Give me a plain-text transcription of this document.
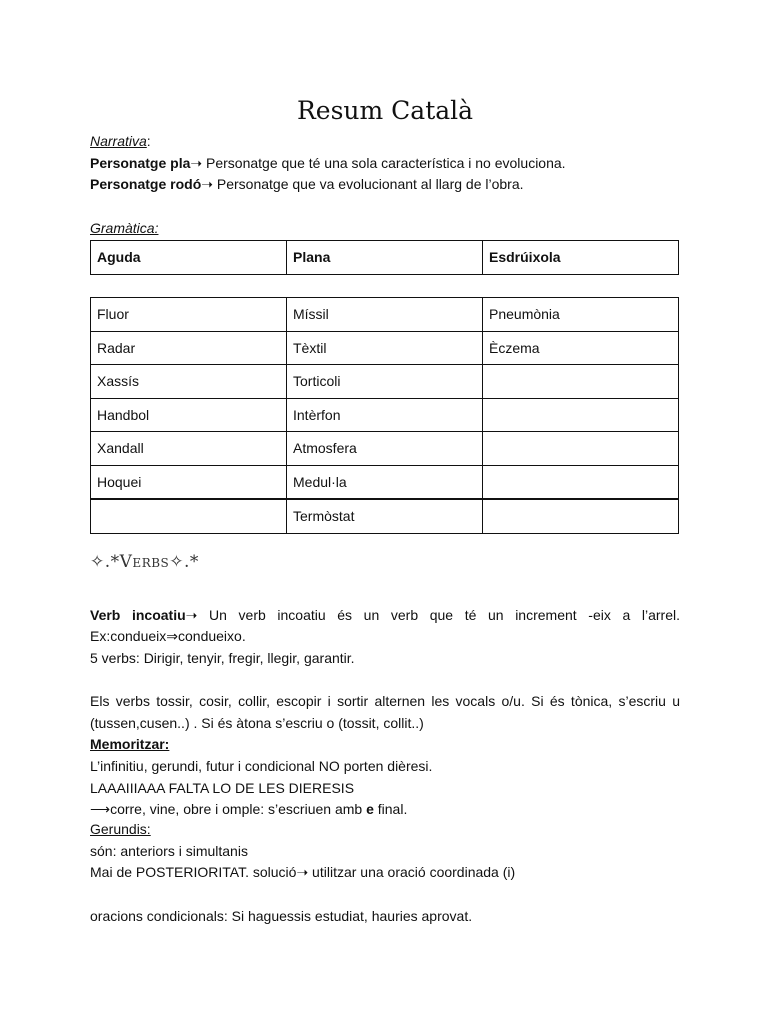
Resum Català
Narrativa:
Personatge pla➝ Personatge que té una sola característica i no evoluciona.
Personatge rodó➝ Personatge que va evolucionant al llarg de l’obra.
Gramàtica:
Aguda	Plana	Esdrúixola
Fluor	Míssil	Pneumònia
Radar	Tèxtil	Èczema
Xassís	Torticoli	
Handbol	Intèrfon	
Xandall	Atmosfera	
Hoquei	Medul·la	
	Termòstat	
✧.*Verbs✧.*
Verb incoatiu➝ Un verb incoatiu és un verb que té un increment -eix a l’arrel.
Ex:condueix⇒condueixo.
5 verbs: Dirigir, tenyir, fregir, llegir, garantir.
Els verbs tossir, cosir, collir, escopir i sortir alternen les vocals o/u. Si és tònica, s’escriu u
(tussen,cusen..) . Si és àtona s’escriu o (tossit, collit..)
Memoritzar:
L’infinitiu, gerundi, futur i condicional NO porten dièresi.
LAAAIIIAAA FALTA LO DE LES DIERESIS
⟶corre, vine, obre i omple: s’escriuen amb e final.
Gerundis:
són: anteriors i simultanis
Mai de POSTERIORITAT. solució➝ utilitzar una oració coordinada (i)
oracions condicionals: Si haguessis estudiat, hauries aprovat.
